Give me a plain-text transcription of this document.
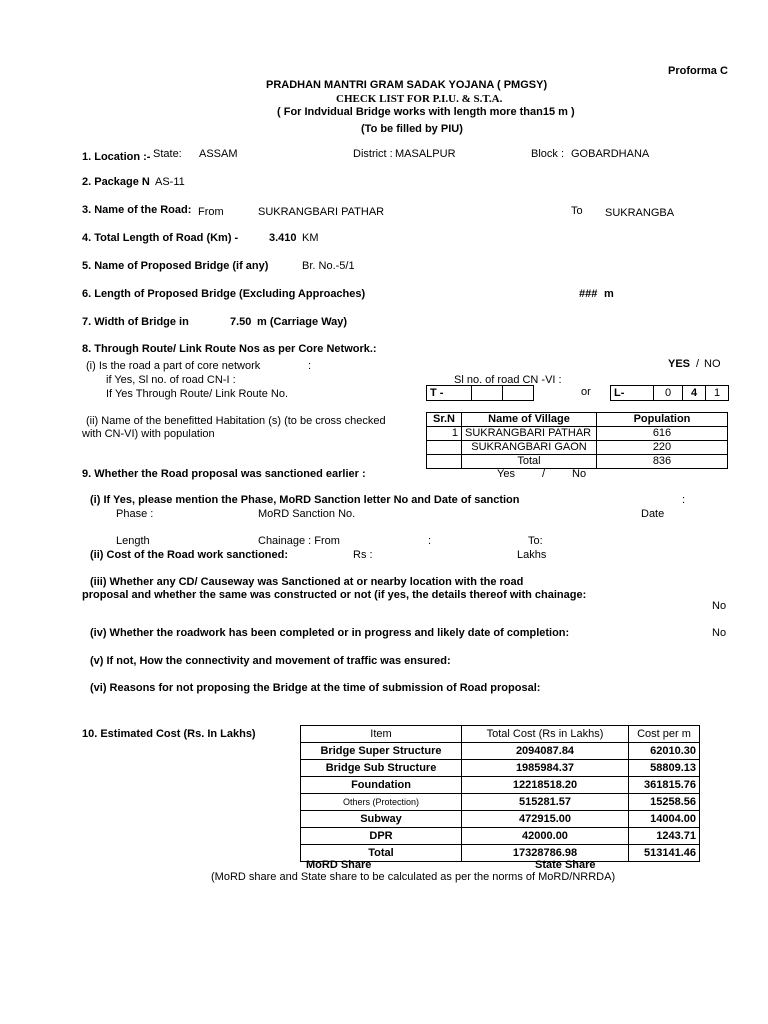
Proforma C
PRADHAN MANTRI GRAM SADAK YOJANA ( PMGSY)
CHECK LIST FOR P.I.U. & S.T.A.
( For Indvidual Bridge works with length more than15 m )
(To be filled by PIU)
1. Location :- State: ASSAM	District : MASALPUR	Block : GOBARDHANA
2. Package N AS-11
3. Name of the Road: From	SUKRANGBARI PATHAR	To SUKRANGBA
4. Total Length of Road (Km) -	3.410 KM
5. Name of Proposed Bridge (if any)	Br. No.-5/1
6. Length of Proposed Bridge (Excluding Approaches)	### m
7. Width of Bridge in	7.50 m (Carriage Way)
8. Through Route/ Link Route Nos as per Core Network.:
(i) Is the road a part of core network	:	YES / NO
if Yes, Sl no. of road CN-I :	Sl no. of road CN -VI :
If Yes Through Route/ Link Route No.	T -			or L-	0	4	1
(ii) Name of the benefitted Habitation (s) (to be cross checked
with CN-VI) with population
Sr.N	Name of Village	Population
1	SUKRANGBARI PATHAR	616
	SUKRANGBARI GAON	220
	Total	836
9. Whether the Road proposal was sanctioned earlier :	Yes / No
(i) If Yes, please mention the Phase, MoRD Sanction letter No and Date of sanction	:
Phase :	MoRD Sanction No.	Date
Length	Chainage : From	:	To:
(ii) Cost of the Road work sanctioned:	Rs :	Lakhs
(iii) Whether any CD/ Causeway was Sanctioned at or nearby location with the road
proposal and whether the same was constructed or not (if yes, the details thereof with chainage:
No
(iv) Whether the roadwork has been completed or in progress and likely date of completion:	No
(v) If not, How the connectivity and movement of traffic was ensured:
(vi) Reasons for not proposing the Bridge at the time of submission of Road proposal:
10. Estimated Cost (Rs. In Lakhs)	Item	Total Cost (Rs in Lakhs)	Cost per m
Bridge Super Structure	2094087.84	62010.30
Bridge Sub Structure	1985984.37	58809.13
Foundation	12218518.20	361815.76
Others (Protection)	515281.57	15258.56
Subway	472915.00	14004.00
DPR	42000.00	1243.71
Total	17328786.98	513141.46
MoRD Share	State Share
(MoRD share and State share to be calculated as per the norms of MoRD/NRRDA)
